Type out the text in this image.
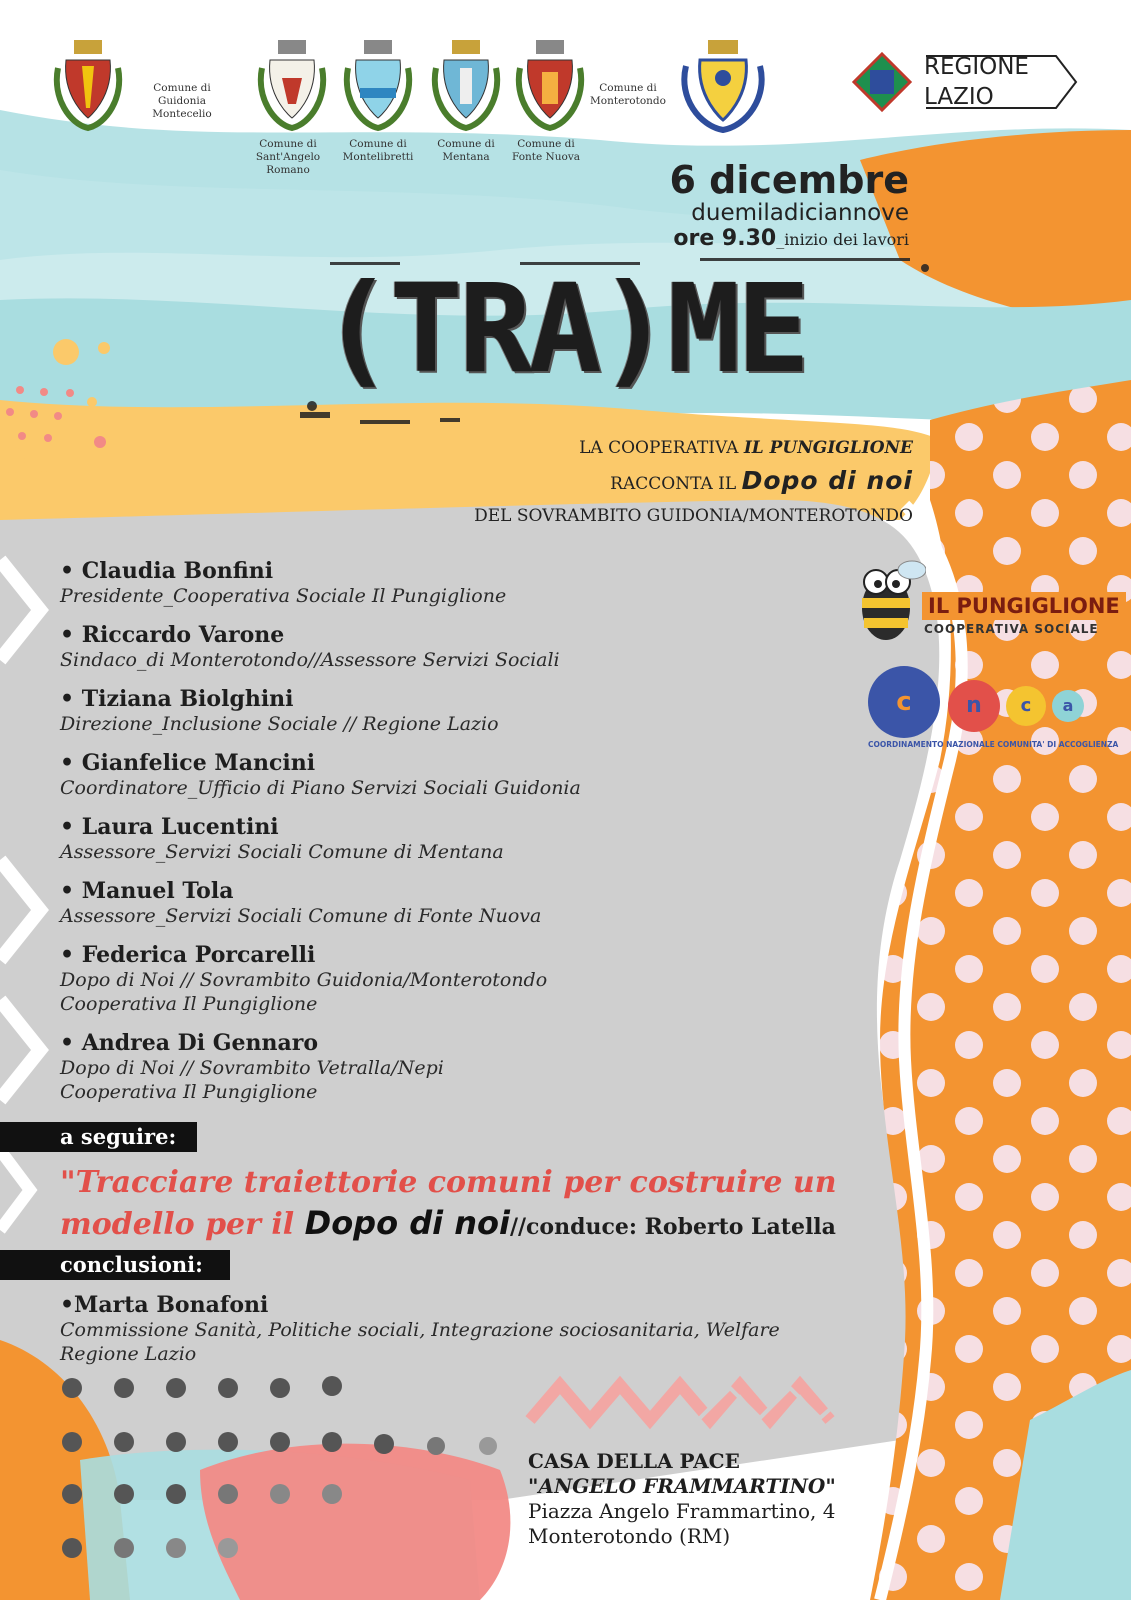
Comune di Guidonia Montecelio
Comune di Sant'Angelo Romano
Comune di Montelibretti
Comune di Mentana
Comune di Fonte Nuova
Comune di Monterotondo
REGIONE
LAZIO
6 dicembre
duemiladiciannove
ore 9.30_inizio dei lavori
(TRA)ME
LA COOPERATIVA IL PUNGIGLIONE
RACCONTA IL Dopo di noi
DEL SOVRAMBITO GUIDONIA/MONTEROTONDO
IL PUNGIGLIONE
COOPERATIVA SOCIALE
c	n	c	a
COORDINAMENTO NAZIONALE COMUNITA' DI ACCOGLIENZA
• Claudia Bonfini
Presidente_Cooperativa Sociale Il Pungiglione
• Riccardo Varone
Sindaco_di Monterotondo//Assessore Servizi Sociali
• Tiziana Biolghini
Direzione_Inclusione Sociale // Regione Lazio
• Gianfelice Mancini
Coordinatore_Ufficio di Piano Servizi Sociali Guidonia
• Laura Lucentini
Assessore_Servizi Sociali Comune di Mentana
• Manuel Tola
Assessore_Servizi Sociali Comune di Fonte Nuova
• Federica Porcarelli
Dopo di Noi // Sovrambito Guidonia/Monterotondo
Cooperativa Il Pungiglione
• Andrea Di Gennaro
Dopo di Noi // Sovrambito Vetralla/Nepi
Cooperativa Il Pungiglione
a seguire:
"Tracciare traiettorie comuni per costruire un
modello per il Dopo di noi//conduce: Roberto Latella
conclusioni:
•Marta Bonafoni
Commissione Sanità, Politiche sociali, Integrazione sociosanitaria, Welfare
Regione Lazio
CASA DELLA PACE
"ANGELO FRAMMARTINO"
Piazza Angelo Frammartino, 4
Monterotondo (RM)
